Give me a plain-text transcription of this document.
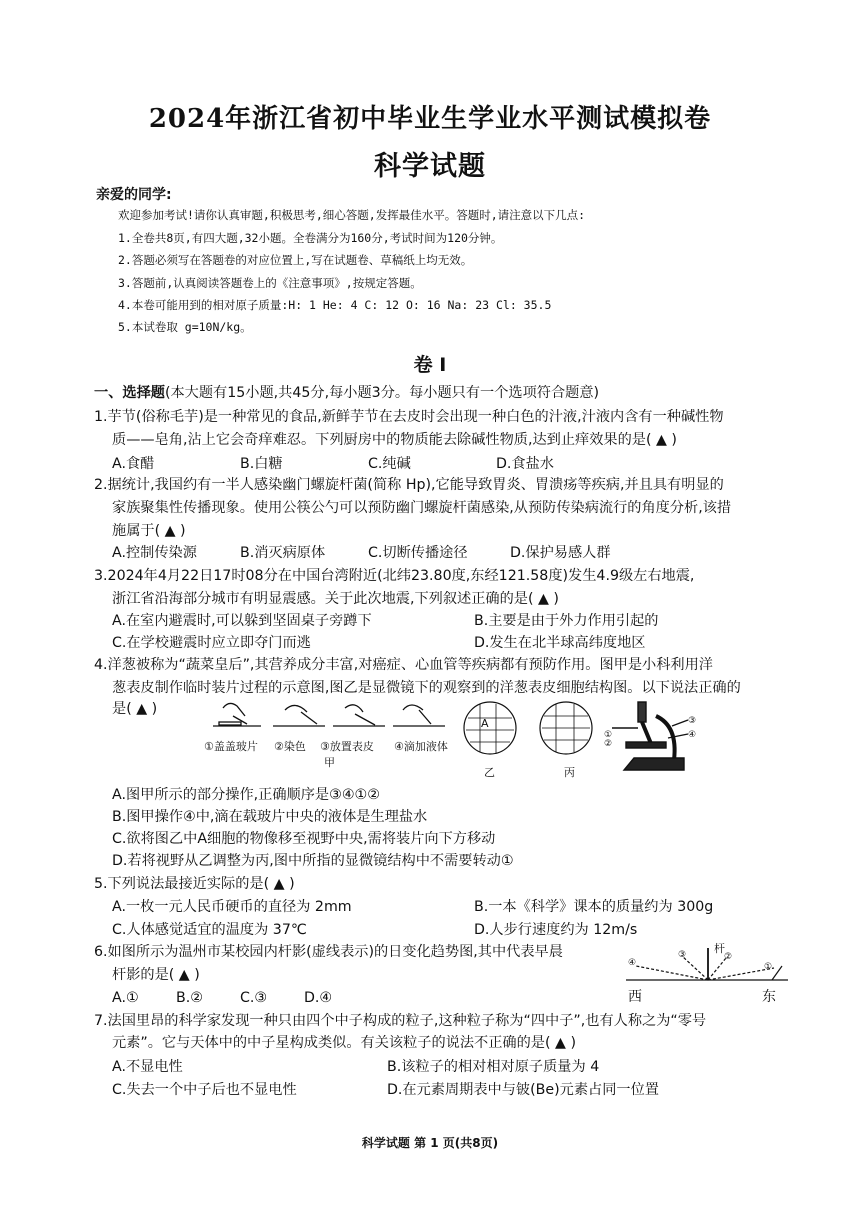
2024年浙江省初中毕业生学业水平测试模拟卷
科学试题
亲爱的同学:
欢迎参加考试!请你认真审题,积极思考,细心答题,发挥最佳水平。答题时,请注意以下几点:
1.全卷共8页,有四大题,32小题。全卷满分为160分,考试时间为120分钟。
2.答题必须写在答题卷的对应位置上,写在试题卷、草稿纸上均无效。
3.答题前,认真阅读答题卷上的《注意事项》,按规定答题。
4.本卷可能用到的相对原子质量:H: 1 He: 4 C: 12 O: 16 Na: 23 Cl: 35.5
5.本试卷取 g=10N/kg。
卷 I
一、选择题(本大题有15小题,共45分,每小题3分。每小题只有一个选项符合题意)
1.芋节(俗称毛芋)是一种常见的食品,新鲜芋节在去皮时会出现一种白色的汁液,汁液内含有一种碱性物
质——皂角,沾上它会奇痒难忍。下列厨房中的物质能去除碱性物质,达到止痒效果的是( ▲ )
A.食醋	B.白糖	C.纯碱	D.食盐水
2.据统计,我国约有一半人感染幽门螺旋杆菌(简称 Hp),它能导致胃炎、胃溃疡等疾病,并且具有明显的
家族聚集性传播现象。使用公筷公勺可以预防幽门螺旋杆菌感染,从预防传染病流行的角度分析,该措
施属于( ▲ )
A.控制传染源	B.消灭病原体	C.切断传播途径	D.保护易感人群
3.2024年4月22日17时08分在中国台湾附近(北纬23.80度,东经121.58度)发生4.9级左右地震,
浙江省沿海部分城市有明显震感。关于此次地震,下列叙述正确的是( ▲ )
A.在室内避震时,可以躲到坚固桌子旁蹲下	B.主要是由于外力作用引起的
C.在学校避震时应立即夺门而逃	D.发生在北半球高纬度地区
4.洋葱被称为“蔬菜皇后”,其营养成分丰富,对癌症、心血管等疾病都有预防作用。图甲是小科利用洋
葱表皮制作临时装片过程的示意图,图乙是显微镜下的观察到的洋葱表皮细胞结构图。以下说法正确的
是( ▲ )
①盖盖玻片 ②染色 ③放置表皮 ④滴加液体
甲
A
乙	丙
①
②
③
④
A.图甲所示的部分操作,正确顺序是③④①②
B.图甲操作④中,滴在载玻片中央的液体是生理盐水
C.欲将图乙中A细胞的物像移至视野中央,需将装片向下方移动
D.若将视野从乙调整为丙,图中所指的显微镜结构中不需要转动①
5.下列说法最接近实际的是( ▲ )
A.一枚一元人民币硬币的直径为 2mm	B.一本《科学》课本的质量约为 300g
C.人体感觉适宜的温度为 37℃	D.人步行速度约为 12m/s
6.如图所示为温州市某校园内杆影(虚线表示)的日变化趋势图,其中代表早晨
杆影的是( ▲ )
A.①	B.②	C.③	D.④
杆
④
③	②
①
西	东
7.法国里昂的科学家发现一种只由四个中子构成的粒子,这种粒子称为“四中子”,也有人称之为“零号
元素”。它与天体中的中子星构成类似。有关该粒子的说法不正确的是( ▲ )
A.不显电性	B.该粒子的相对相对原子质量为 4
C.失去一个中子后也不显电性	D.在元素周期表中与铍(Be)元素占同一位置
科学试题 第 1 页(共8页)
